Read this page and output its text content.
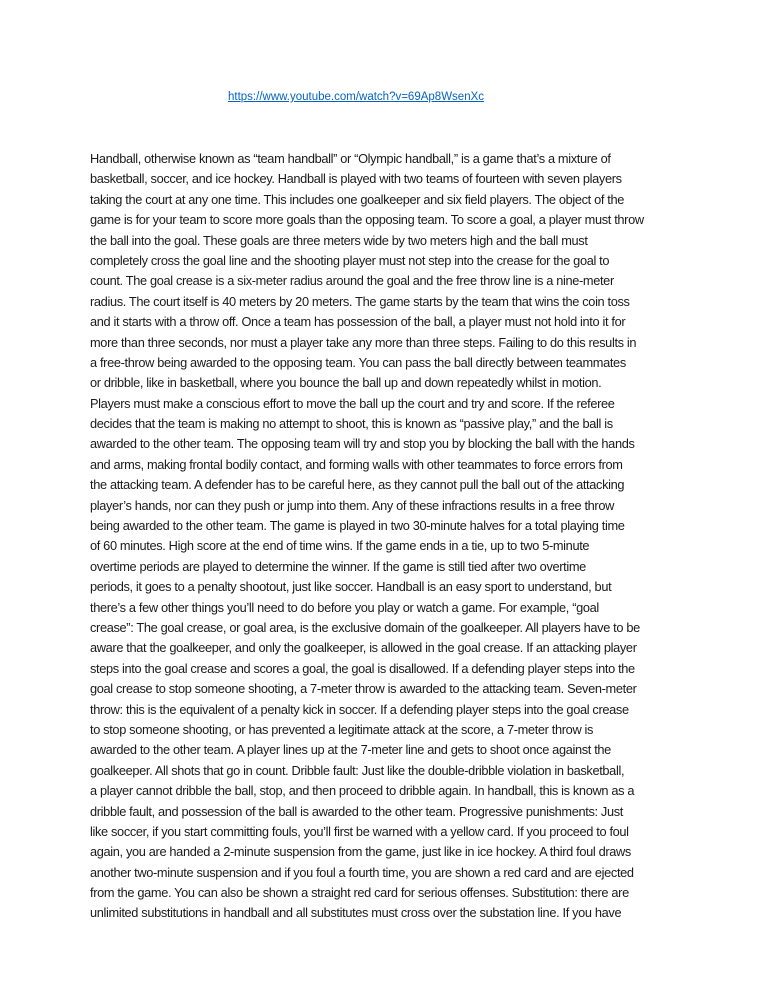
https://www.youtube.com/watch?v=69Ap8WsenXc
Handball, otherwise known as “team handball” or “Olympic handball,” is a game that’s a mixture of
basketball, soccer, and ice hockey. Handball is played with two teams of fourteen with seven players
taking the court at any one time. This includes one goalkeeper and six field players. The object of the
game is for your team to score more goals than the opposing team. To score a goal, a player must throw
the ball into the goal. These goals are three meters wide by two meters high and the ball must
completely cross the goal line and the shooting player must not step into the crease for the goal to
count. The goal crease is a six-meter radius around the goal and the free throw line is a nine-meter
radius. The court itself is 40 meters by 20 meters. The game starts by the team that wins the coin toss
and it starts with a throw off. Once a team has possession of the ball, a player must not hold into it for
more than three seconds, nor must a player take any more than three steps. Failing to do this results in
a free-throw being awarded to the opposing team. You can pass the ball directly between teammates
or dribble, like in basketball, where you bounce the ball up and down repeatedly whilst in motion.
Players must make a conscious effort to move the ball up the court and try and score. If the referee
decides that the team is making no attempt to shoot, this is known as “passive play,” and the ball is
awarded to the other team. The opposing team will try and stop you by blocking the ball with the hands
and arms, making frontal bodily contact, and forming walls with other teammates to force errors from
the attacking team. A defender has to be careful here, as they cannot pull the ball out of the attacking
player’s hands, nor can they push or jump into them. Any of these infractions results in a free throw
being awarded to the other team. The game is played in two 30-minute halves for a total playing time
of 60 minutes. High score at the end of time wins. If the game ends in a tie, up to two 5-minute
overtime periods are played to determine the winner. If the game is still tied after two overtime
periods, it goes to a penalty shootout, just like soccer. Handball is an easy sport to understand, but
there’s a few other things you’ll need to do before you play or watch a game. For example, “goal
crease”: The goal crease, or goal area, is the exclusive domain of the goalkeeper. All players have to be
aware that the goalkeeper, and only the goalkeeper, is allowed in the goal crease. If an attacking player
steps into the goal crease and scores a goal, the goal is disallowed. If a defending player steps into the
goal crease to stop someone shooting, a 7-meter throw is awarded to the attacking team. Seven-meter
throw: this is the equivalent of a penalty kick in soccer. If a defending player steps into the goal crease
to stop someone shooting, or has prevented a legitimate attack at the score, a 7-meter throw is
awarded to the other team. A player lines up at the 7-meter line and gets to shoot once against the
goalkeeper. All shots that go in count. Dribble fault: Just like the double-dribble violation in basketball,
a player cannot dribble the ball, stop, and then proceed to dribble again. In handball, this is known as a
dribble fault, and possession of the ball is awarded to the other team. Progressive punishments: Just
like soccer, if you start committing fouls, you’ll first be warned with a yellow card. If you proceed to foul
again, you are handed a 2-minute suspension from the game, just like in ice hockey. A third foul draws
another two-minute suspension and if you foul a fourth time, you are shown a red card and are ejected
from the game. You can also be shown a straight red card for serious offenses. Substitution: there are
unlimited substitutions in handball and all substitutes must cross over the substation line. If you have
